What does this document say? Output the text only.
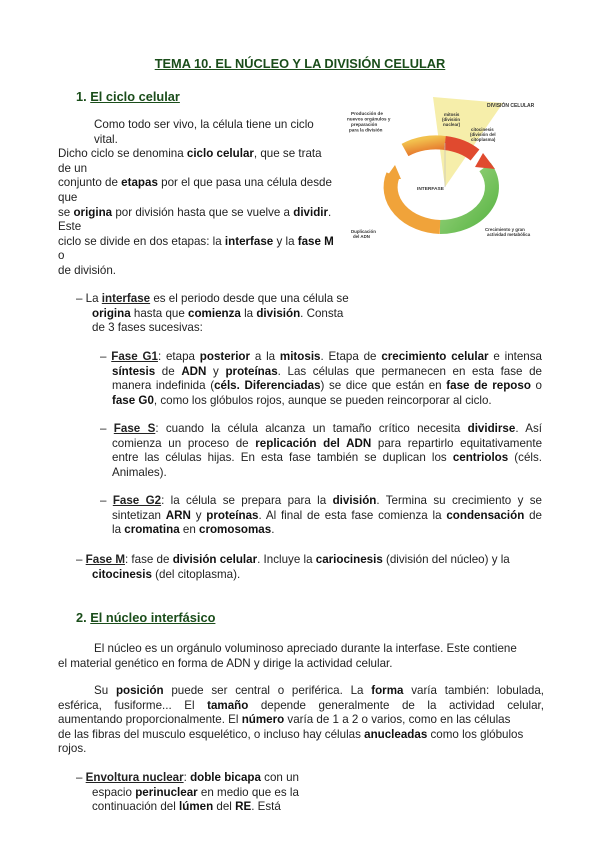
TEMA 10. EL NÚCLEO Y LA DIVISIÓN CELULAR
1. El ciclo celular
Como todo ser vivo, la célula tiene un ciclo
vital.
Dicho ciclo se denomina ciclo celular, que se trata
de un
conjunto de etapas por el que pasa una célula desde
que
se origina por división hasta que se vuelve a dividir.
Este
ciclo se divide en dos etapas: la interfase y la fase M
o
de división.
Producción de nuevos orgánulos y preparación para la división
DIVISIÓN CELULAR
mitosis (división nuclear)
citocinesis (división del citoplasma)
INTERFASE
Duplicación del ADN
Crecimiento y gran actividad metabólica
– La interfase es el periodo desde que una célula se
origina hasta que comienza la división. Consta
de 3 fases sucesivas:
– Fase G1: etapa posterior a la mitosis. Etapa de crecimiento celular e intensa
síntesis de ADN y proteínas. Las células que permanecen en esta fase de
manera indefinida (céls. Diferenciadas) se dice que están en fase de reposo o
fase G0, como los glóbulos rojos, aunque se pueden reincorporar al ciclo.
– Fase S: cuando la célula alcanza un tamaño crítico necesita dividirse. Así
comienza un proceso de replicación del ADN para repartirlo equitativamente
entre las células hijas. En esta fase también se duplican los centriolos (céls.
Animales).
– Fase G2: la célula se prepara para la división. Termina su crecimiento y se
sintetizan ARN y proteínas. Al final de esta fase comienza la condensación de
la cromatina en cromosomas.
– Fase M: fase de división celular. Incluye la cariocinesis (división del núcleo) y la
citocinesis (del citoplasma).
2. El núcleo interfásico
El núcleo es un orgánulo voluminoso apreciado durante la interfase. Este contiene
el material genético en forma de ADN y dirige la actividad celular.
Su posición puede ser central o periférica. La forma varía también: lobulada,
esférica, fusiforme... El tamaño depende generalmente de la actividad celular,
aumentando proporcionalmente. El número varía de 1 a 2 o varios, como en las células
de las fibras del musculo esquelético, o incluso hay células anucleadas como los glóbulos
rojos.
– Envoltura nuclear: doble bicapa con un
espacio perinuclear en medio que es la
continuación del lúmen del RE. Está
